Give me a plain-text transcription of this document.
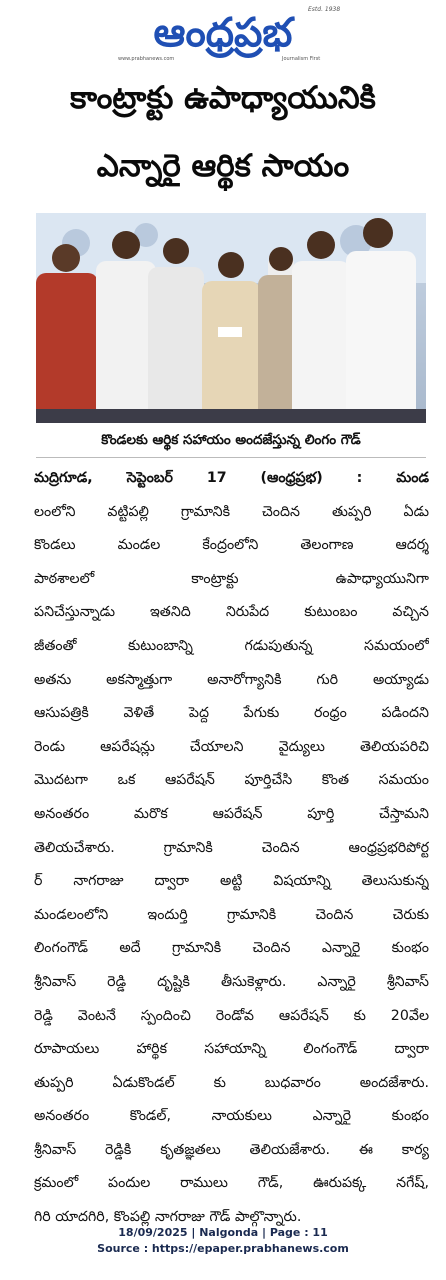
ఆంధ్రప్రభ
Estd. 1938
www.prabhanews.com	Journalism First
కాంట్రాక్టు ఉపాధ్యాయునికి
ఎన్నారై ఆర్థిక సాయం
కొండలకు ఆర్థిక సహాయం అందజేస్తున్న లింగం గౌడ్
మద్రిగూడ, సెప్టెంబర్ 17 (ఆంధ్రప్రభ) : మండ
లంలోని వట్టిపల్లి గ్రామానికి చెందిన తుప్పరి ఏడు
కొండలు మండల కేంద్రంలోని తెలంగాణ ఆదర్శ
పాఠశాలలో కాంట్రాక్టు ఉపాధ్యాయునిగా
పనిచేస్తున్నాడు ఇతనిది నిరుపేద కుటుంబం వచ్చిన
జీతంతో కుటుంబాన్ని గడుపుతున్న సమయంలో
అతను అకస్మాత్తుగా అనారోగ్యానికి గురి అయ్యాడు
ఆసుపత్రికి వెళితే పెద్ద పేగుకు రంధ్రం పడిందని
రెండు ఆపరేషన్లు చేయాలని వైద్యులు తెలియపరిచి
మొదటగా ఒక ఆపరేషన్ పూర్తిచేసి కొంత సమయం
అనంతరం మరొక ఆపరేషన్ పూర్తి చేస్తామని
తెలియచేశారు. గ్రామానికి చెందిన ఆంధ్రప్రభరిపోర్ట
ర్ నాగరాజు ద్వారా అట్టి విషయాన్ని తెలుసుకున్న
మండలంలోని ఇందుర్తి గ్రామానికి చెందిన చెరుకు
లింగంగౌడ్ అదే గ్రామానికి చెందిన ఎన్నారై కుంభం
శ్రీనివాస్ రెడ్డి దృష్టికి తీసుకెళ్లారు. ఎన్నారై శ్రీనివాస్
రెడ్డి వెంటనే స్పందించి రెండోవ ఆపరేషన్ కు 20వేల
రూపాయలు హార్థిక సహాయాన్ని లింగంగౌడ్ ద్వారా
తుప్పరి ఏడుకొండల్ కు బుధవారం అందజేశారు.
అనంతరం కొండల్, నాయకులు ఎన్నారై కుంభం
శ్రీనివాస్ రెడ్డికి కృతజ్ఞతలు తెలియజేశారు. ఈ కార్య
క్రమంలో పందుల రాములు గౌడ్, ఊరుపక్క నగేష్,
గిరి యాదగిరి, కొంపల్లి నాగరాజు గౌడ్ పాల్గొన్నారు.
18/09/2025 | Nalgonda | Page : 11
Source : https://epaper.prabhanews.com
